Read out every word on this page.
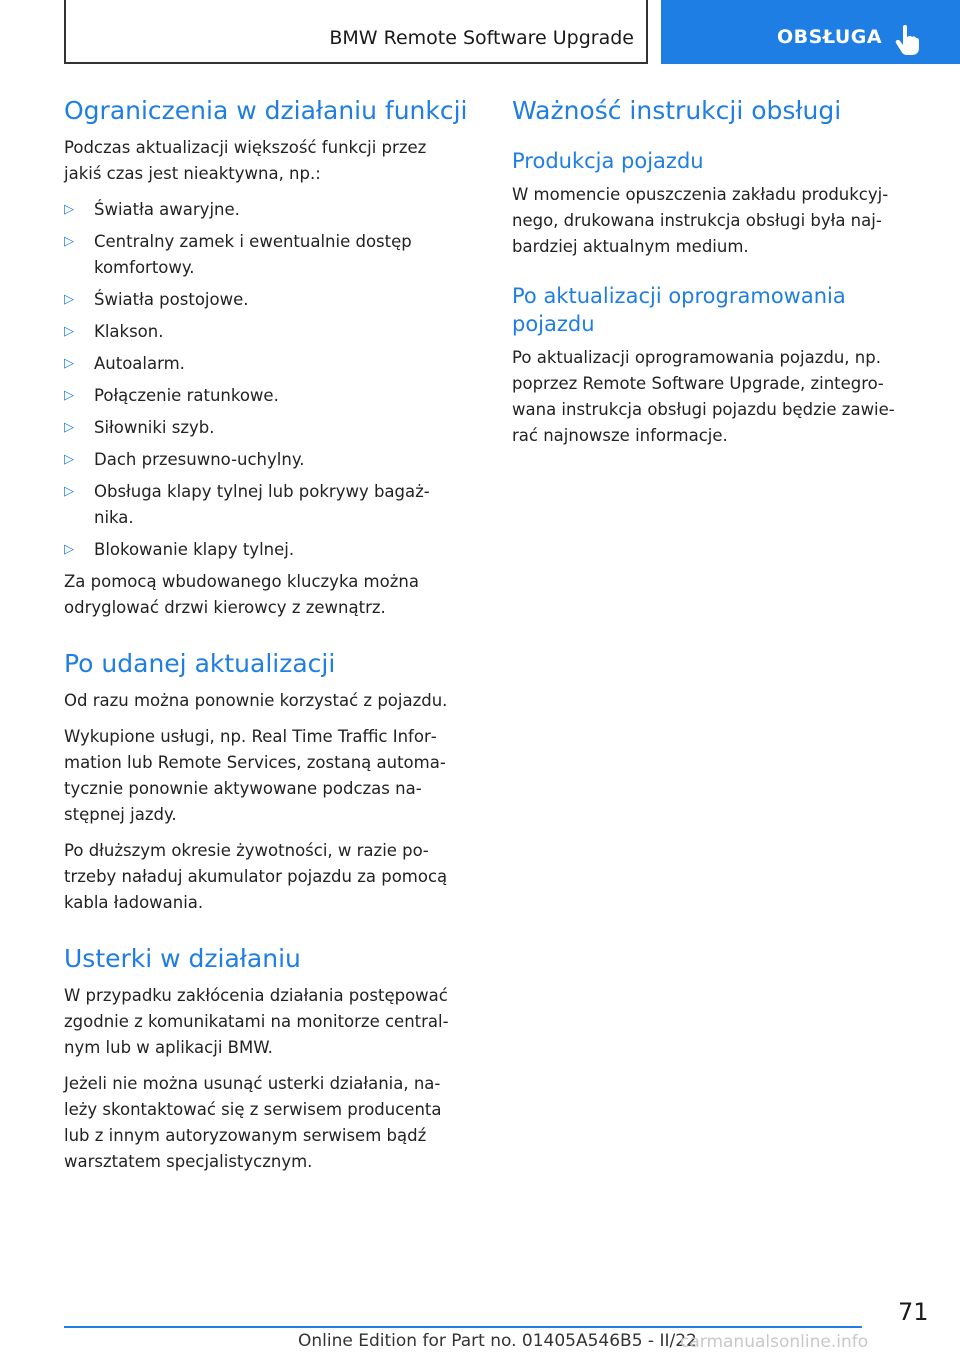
BMW Remote Software Upgrade	OBSŁUGA
Ograniczenia w działaniu funkcji

Podczas aktualizacji większość funkcji przez
jakiś czas jest nieaktywna, np.:

▷ Światła awaryjne.
▷ Centralny zamek i ewentualnie dostęp
komfortowy.
▷ Światła postojowe.
▷ Klakson.
▷ Autoalarm.
▷ Połączenie ratunkowe.
▷ Siłowniki szyb.
▷ Dach przesuwno-uchylny.
▷ Obsługa klapy tylnej lub pokrywy bagaż‐
nika.
▷ Blokowanie klapy tylnej.

Za pomocą wbudowanego kluczyka można
odryglować drzwi kierowcy z zewnątrz.

Po udanej aktualizacji

Od razu można ponownie korzystać z pojazdu.

Wykupione usługi, np. Real Time Traffic Infor‐
mation lub Remote Services, zostaną automa‐
tycznie ponownie aktywowane podczas na‐
stępnej jazdy.

Po dłuższym okresie żywotności, w razie po‐
trzeby naładuj akumulator pojazdu za pomocą
kabla ładowania.

Usterki w działaniu

W przypadku zakłócenia działania postępować
zgodnie z komunikatami na monitorze central‐
nym lub w aplikacji BMW.

Jeżeli nie można usunąć usterki działania, na‐
leży skontaktować się z serwisem producenta
lub z innym autoryzowanym serwisem bądź
warsztatem specjalistycznym.

Ważność instrukcji obsługi
Produkcja pojazdu

W momencie opuszczenia zakładu produkcyj‐
nego, drukowana instrukcja obsługi była naj‐
bardziej aktualnym medium.

Po aktualizacji oprogramowania
pojazdu

Po aktualizacji oprogramowania pojazdu, np.
poprzez Remote Software Upgrade, zintegro‐
wana instrukcja obsługi pojazdu będzie zawie‐
rać najnowsze informacje.

71
Online Edition for Part no. 01405A546B5 - II/22
carmanualsonline.info
